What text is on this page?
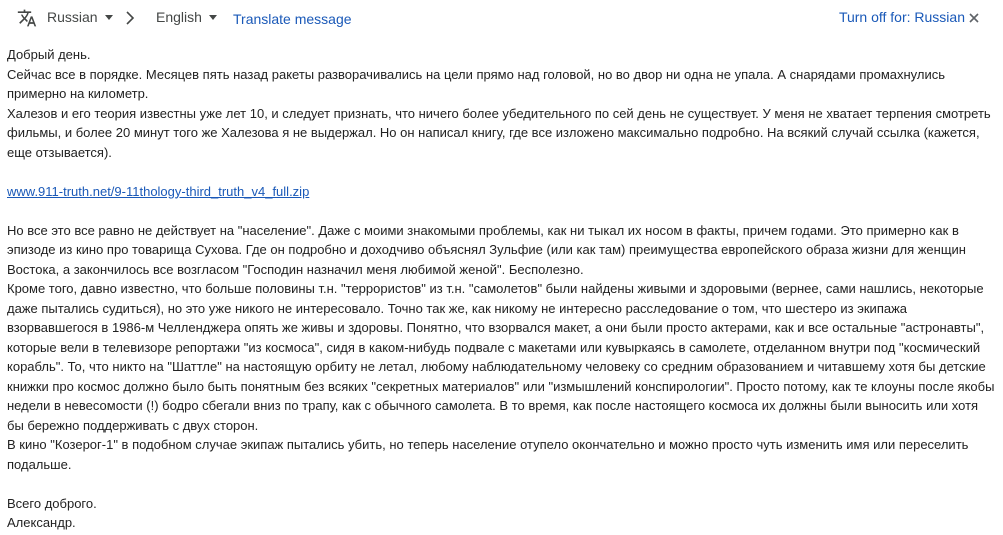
Russian	English Translate message	Turn off for: Russian

Добрый день.

Сейчас все в порядке. Месяцев пять назад ракеты разворачивались на цели прямо над головой, но во двор ни одна не упала. А снарядами промахнулись примерно на километр.

Халезов и его теория известны уже лет 10, и следует признать, что ничего более убедительного по сей день не существует. У меня не хватает терпения смотреть фильмы, и более 20 минут того же Халезова я не выдержал. Но он написал книгу, где все изложено максимально подробно. На всякий случай ссылка (кажется, еще отзывается).

www.911-truth.net/9-11thology-third_truth_v4_full.zip

Но все это все равно не действует на "население". Даже с моими знакомыми проблемы, как ни тыкал их носом в факты, причем годами. Это примерно как в эпизоде из кино про товарища Сухова. Где он подробно и доходчиво объяснял Зульфие (или как там) преимущества европейского образа жизни для женщин Востока, а закончилось все возгласом "Господин назначил меня любимой женой". Бесполезно.

Кроме того, давно известно, что больше половины т.н. "террористов" из т.н. "самолетов" были найдены живыми и здоровыми (вернее, сами нашлись, некоторые даже пытались судиться), но это уже никого не интересовало. Точно так же, как никому не интересно расследование о том, что шестеро из экипажа взорвавшегося в 1986-м Челленджера опять же живы и здоровы. Понятно, что взорвался макет, а они были просто актерами, как и все остальные "астронавты", которые вели в телевизоре репортажи "из космоса", сидя в каком-нибудь подвале с макетами или кувыркаясь в самолете, отделанном внутри под "космический корабль". То, что никто на "Шаттле" на настоящую орбиту не летал, любому наблюдательному человеку со средним образованием и читавшему хотя бы детские книжки про космос должно было быть понятным без всяких "секретных материалов" или "измышлений конспирологии". Просто потому, как те клоуны после якобы недели в невесомости (!) бодро сбегали вниз по трапу, как с обычного самолета. В то время, как после настоящего космоса их должны были выносить или хотя бы бережно поддерживать с двух сторон.

В кино "Козерог-1" в подобном случае экипаж пытались убить, но теперь население отупело окончательно и можно просто чуть изменить имя или переселить подальше.

Всего доброго.

Александр.
